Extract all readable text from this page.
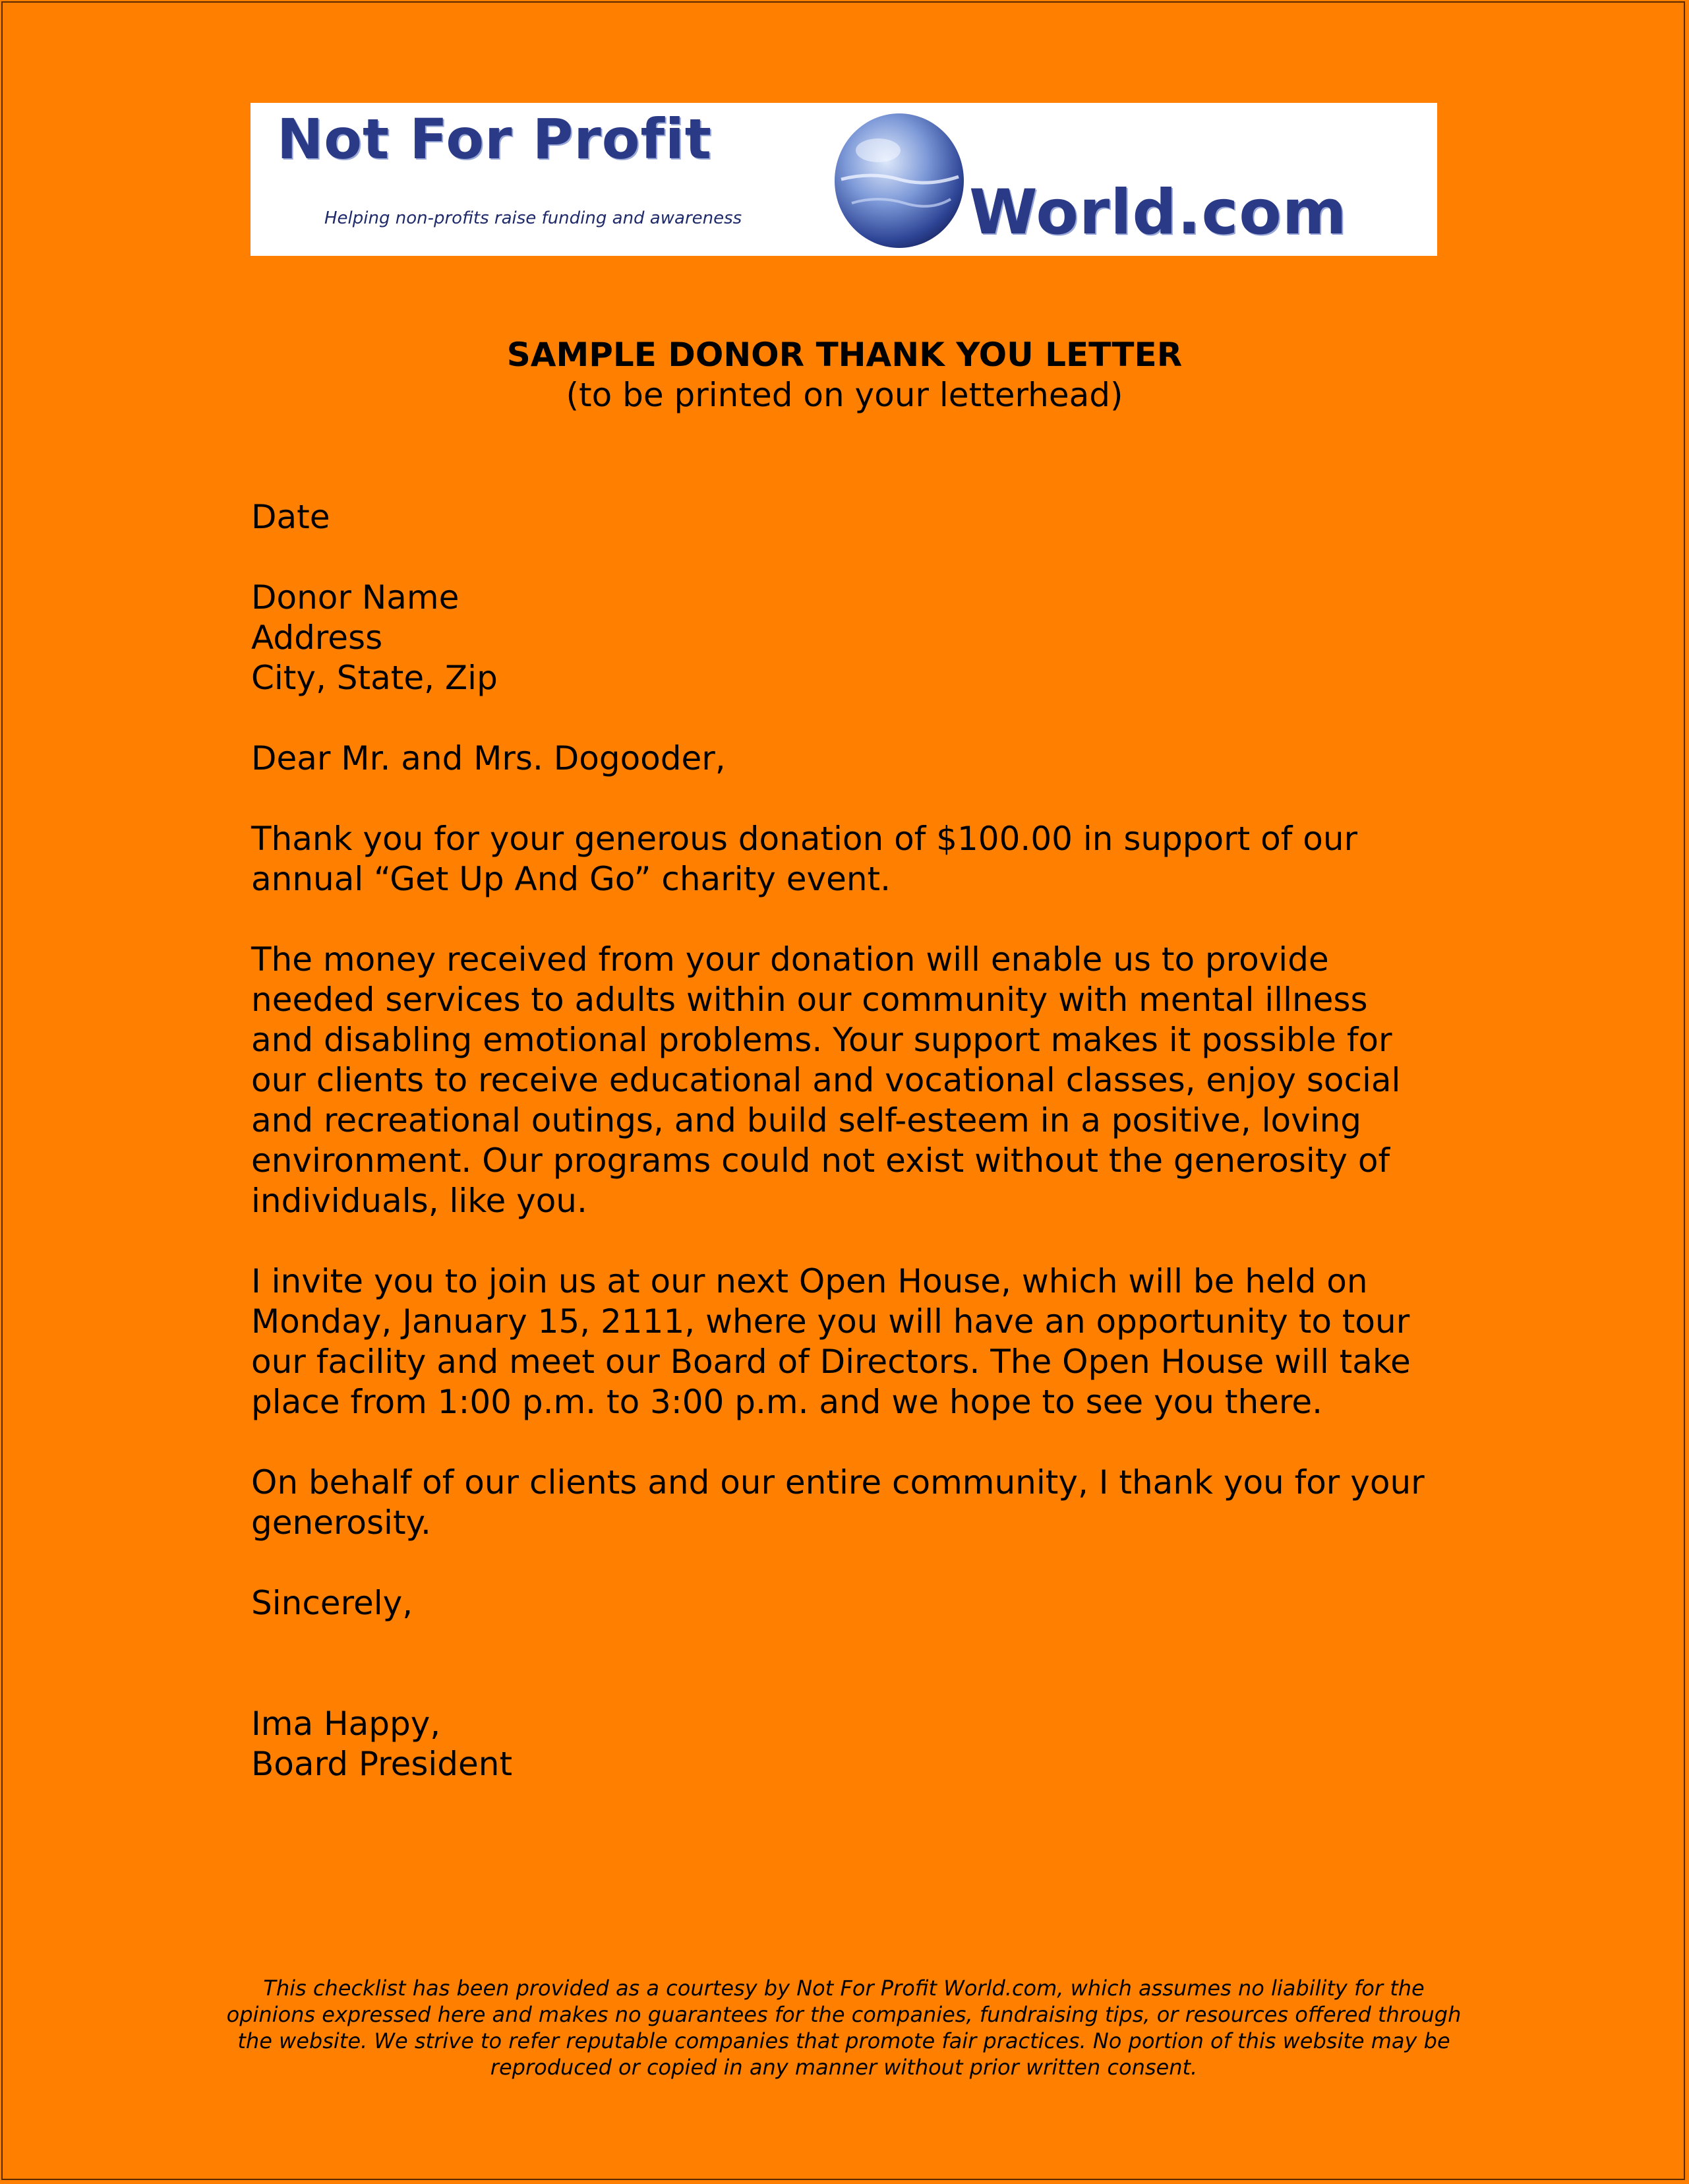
Not For Profit
Helping non-profits raise funding and awareness	World.com
SAMPLE DONOR THANK YOU LETTER
(to be printed on your letterhead)

Date

Donor Name
Address
City, State, Zip

Dear Mr. and Mrs. Dogooder,

Thank you for your generous donation of $100.00 in support of our annual “Get Up And Go” charity event.

The money received from your donation will enable us to provide needed services to adults within our community with mental illness and disabling emotional problems. Your support makes it possible for our clients to receive educational and vocational classes, enjoy social and recreational outings, and build self-esteem in a positive, loving environment. Our programs could not exist without the generosity of individuals, like you.

I invite you to join us at our next Open House, which will be held on Monday, January 15, 2111, where you will have an opportunity to tour our facility and meet our Board of Directors. The Open House will take place from 1:00 p.m. to 3:00 p.m. and we hope to see you there.

On behalf of our clients and our entire community, I thank you for your generosity.

Sincerely,

Ima Happy,
Board President

This checklist has been provided as a courtesy by Not For Profit World.com, which assumes no liability for the opinions expressed here and makes no guarantees for the companies, fundraising tips, or resources offered through the website. We strive to refer reputable companies that promote fair practices. No portion of this website may be reproduced or copied in any manner without prior written consent.
